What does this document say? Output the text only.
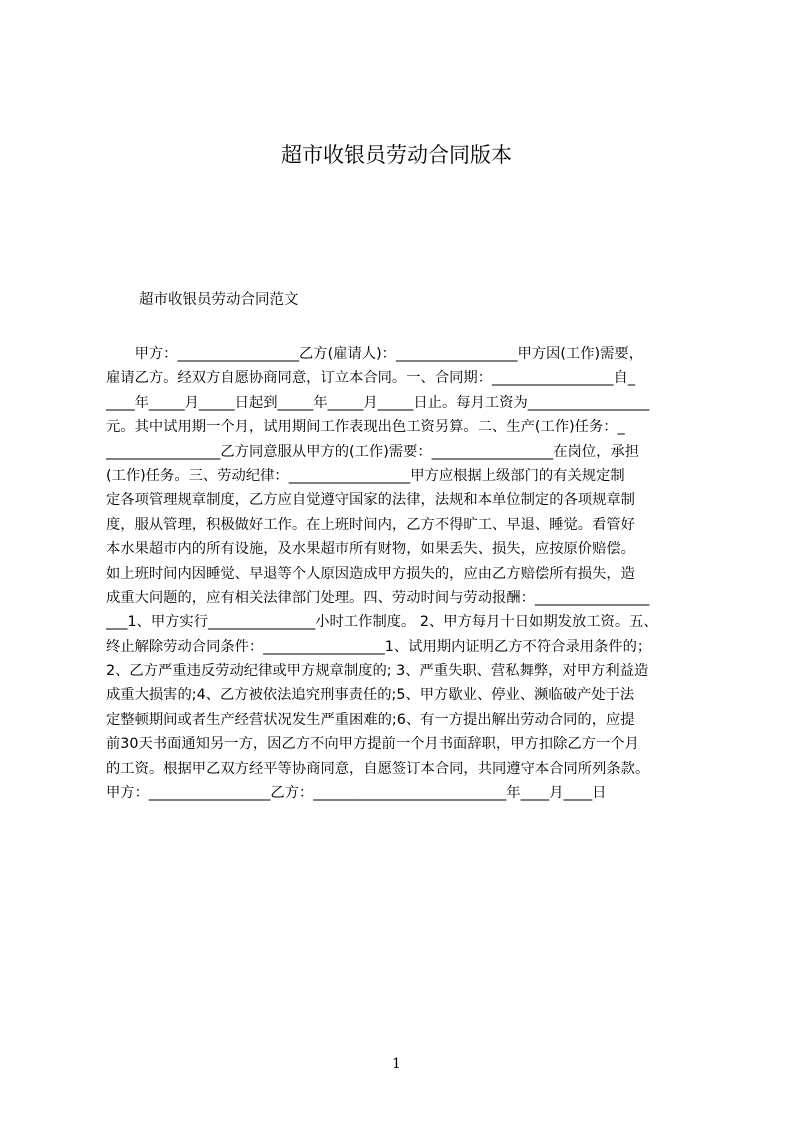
超市收银员劳动合同版本
超市收银员劳动合同范文
　　甲方：_________________乙方(雇请人)：_________________甲方因(工作)需要，
雇请乙方。经双方自愿协商同意，订立本合同。一、合同期：_________________自_
____年_____月_____日起到_____年_____月_____日止。每月工资为_________________
元。其中试用期一个月，试用期间工作表现出色工资另算。二、生产(工作)任务：_
________________乙方同意服从甲方的(工作)需要：_________________在岗位，承担
(工作)任务。三、劳动纪律：_________________甲方应根据上级部门的有关规定制
定各项管理规章制度，乙方应自觉遵守国家的法律，法规和本单位制定的各项规章制
度，服从管理，积极做好工作。在上班时间内，乙方不得旷工、早退、睡觉。看管好
本水果超市内的所有设施，及水果超市所有财物，如果丢失、损失，应按原价赔偿。
如上班时间内因睡觉、早退等个人原因造成甲方损失的，应由乙方赔偿所有损失，造
成重大问题的，应有相关法律部门处理。四、劳动时间与劳动报酬：________________
___1、甲方实行_______________小时工作制度。 2、甲方每月十日如期发放工资。五、
终止解除劳动合同条件：_________________1、试用期内证明乙方不符合录用条件的；
2、乙方严重违反劳动纪律或甲方规章制度的; 3、严重失职、营私舞弊，对甲方利益造
成重大损害的;4、乙方被依法追究刑事责任的;5、甲方歇业、停业、濒临破产处于法
定整顿期间或者生产经营状况发生严重困难的;6、有一方提出解出劳动合同的，应提
前30天书面通知另一方，因乙方不向甲方提前一个月书面辞职，甲方扣除乙方一个月
的工资。根据甲乙双方经平等协商同意，自愿签订本合同，共同遵守本合同所列条款。
甲方：_________________乙方：___________________________年____月____日
1
